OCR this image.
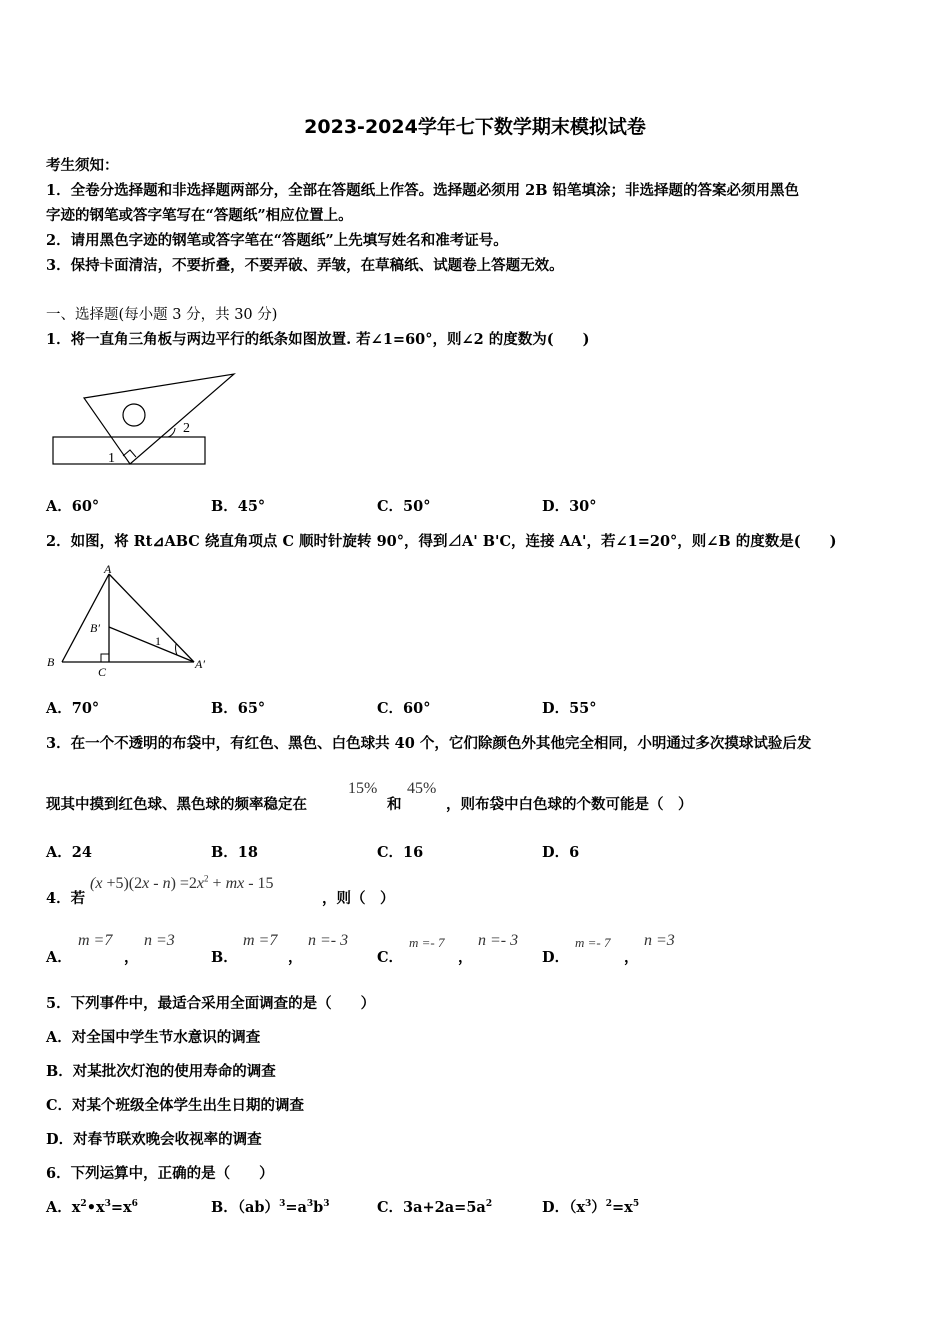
2023-2024学年七下数学期末模拟试卷
考生须知：
1．全卷分选择题和非选择题两部分，全部在答题纸上作答。选择题必须用 2B 铅笔填涂；非选择题的答案必须用黑色
字迹的钢笔或答字笔写在“答题纸”相应位置上。
2．请用黑色字迹的钢笔或答字笔在“答题纸”上先填写姓名和准考证号。
3．保持卡面清洁，不要折叠，不要弄破、弄皱，在草稿纸、试题卷上答题无效。
一、选择题(每小题 3 分，共 30 分)
1．将一直角三角板与两边平行的纸条如图放置. 若∠1=60°，则∠2 的度数为(　　)
1
2
A．60°	B．45°	C．50°	D．30°
2．如图，将 Rt⊿ABC 绕直角项点 C 顺时针旋转 90°，得到⊿A' B'C，连接 AA'，若∠1=20°，则∠B 的度数是(　　)
A
B
B′
C
A′
1
A．70°	B．65°	C．60°	D．55°
3．在一个不透明的布袋中，有红色、黑色、白色球共 40 个，它们除颜色外其他完全相同，小明通过多次摸球试验后发
现其中摸到红色球、黑色球的频率稳定在
15%
和
45%
，则布袋中白色球的个数可能是（　）
A．24	B．18	C．16	D．6
4．若
$(x +5)(2x - n) =2x^2$ + mx - 15
，则（　）
A．
m =7
，
n =3
B．
m =7
，
n =- 3
C．
m =- 7
，
n =- 3
D．
m =- 7
，
n =3
5．下列事件中，最适合采用全面调查的是（　　）
A．对全国中学生节水意识的调查
B．对某批次灯泡的使用寿命的调查
C．对某个班级全体学生出生日期的调查
D．对春节联欢晚会收视率的调查
6．下列运算中，正确的是（　　）
A．$x^2•x^3=x^6$	B．$(ab)^3=a^3b^3$	C．$3a+2a=5a^2$	D．$(x^3)^2=x^5$
